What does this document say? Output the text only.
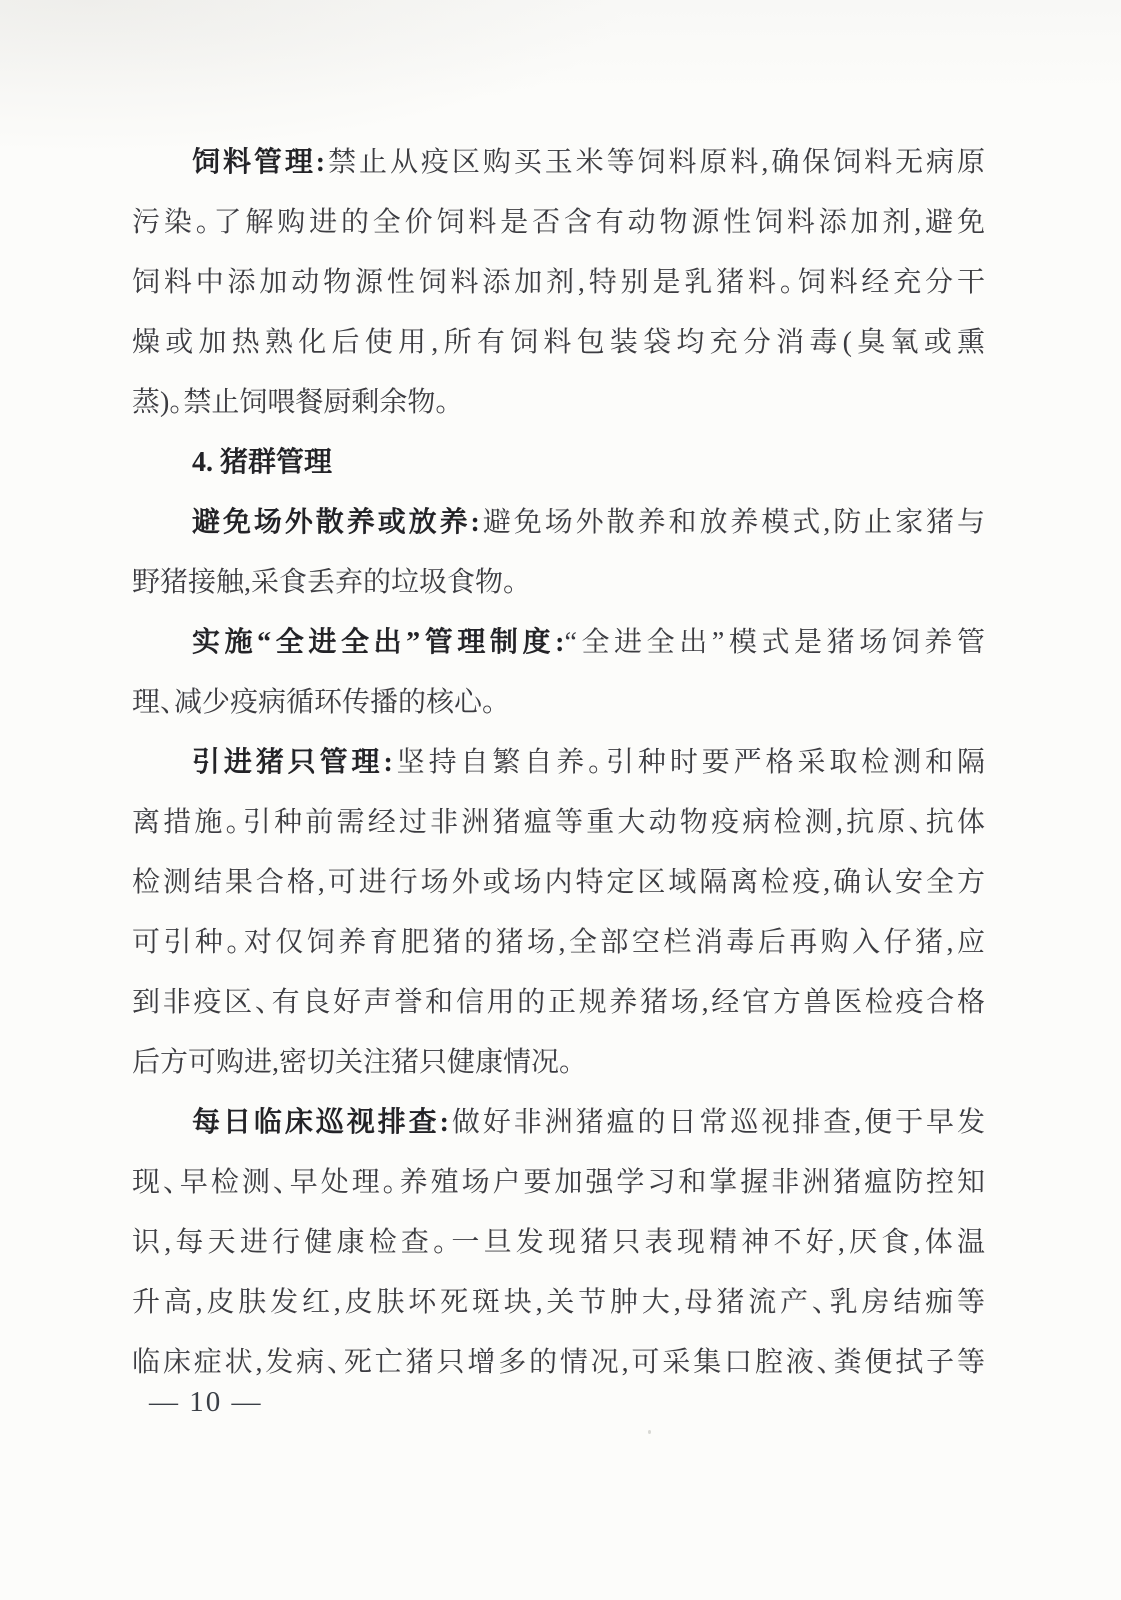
饲料管理:禁止从疫区购买玉米等饲料原料,确保饲料无病原
污染。了解购进的全价饲料是否含有动物源性饲料添加剂,避免
饲料中添加动物源性饲料添加剂,特别是乳猪料。饲料经充分干
燥或加热熟化后使用,所有饲料包装袋均充分消毒(臭氧或熏
蒸)。禁止饲喂餐厨剩余物。
4. 猪群管理
避免场外散养或放养:避免场外散养和放养模式,防止家猪与
野猪接触,采食丢弃的垃圾食物。
实施“全进全出”管理制度:“全进全出”模式是猪场饲养管
理、减少疫病循环传播的核心。
引进猪只管理:坚持自繁自养。引种时要严格采取检测和隔
离措施。引种前需经过非洲猪瘟等重大动物疫病检测,抗原、抗体
检测结果合格,可进行场外或场内特定区域隔离检疫,确认安全方
可引种。对仅饲养育肥猪的猪场,全部空栏消毒后再购入仔猪,应
到非疫区、有良好声誉和信用的正规养猪场,经官方兽医检疫合格
后方可购进,密切关注猪只健康情况。
每日临床巡视排查:做好非洲猪瘟的日常巡视排查,便于早发
现、早检测、早处理。养殖场户要加强学习和掌握非洲猪瘟防控知
识,每天进行健康检查。一旦发现猪只表现精神不好,厌食,体温
升高,皮肤发红,皮肤坏死斑块,关节肿大,母猪流产、乳房结痂等
临床症状,发病、死亡猪只增多的情况,可采集口腔液、粪便拭子等
— 10 —
